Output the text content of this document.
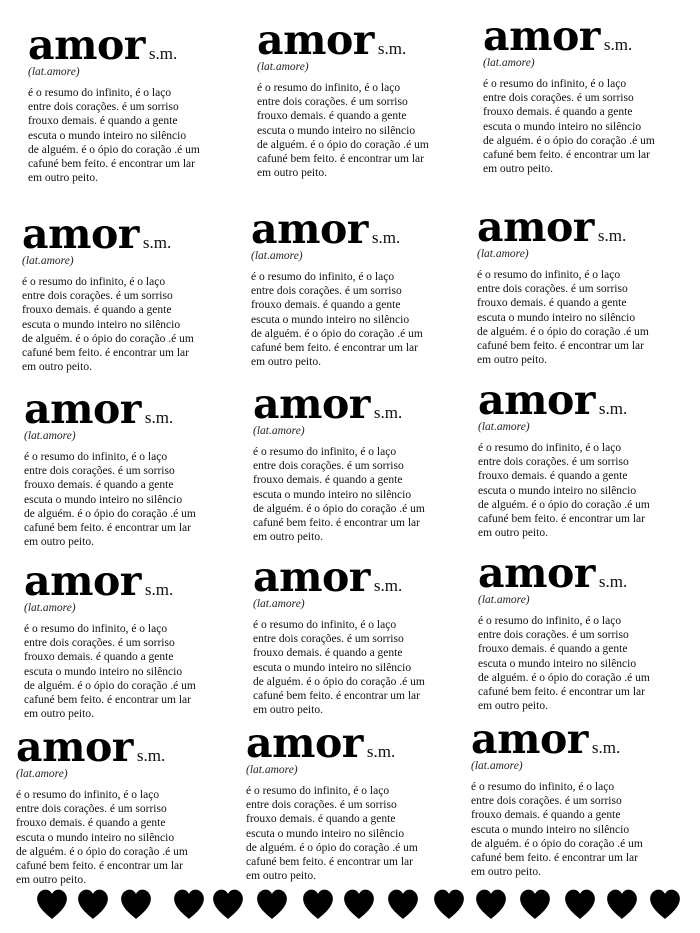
amor s.m.
(lat.amore)
é o resumo do infinito, é o laço
entre dois corações. é um sorriso
frouxo demais. é quando a gente
escuta o mundo inteiro no silêncio
de alguém. é o ópio do coração .é um
cafuné bem feito. é encontrar um lar
em outro peito.
amor s.m.
(lat.amore)
é o resumo do infinito, é o laço
entre dois corações. é um sorriso
frouxo demais. é quando a gente
escuta o mundo inteiro no silêncio
de alguém. é o ópio do coração .é um
cafuné bem feito. é encontrar um lar
em outro peito.
amor s.m.
(lat.amore)
é o resumo do infinito, é o laço
entre dois corações. é um sorriso
frouxo demais. é quando a gente
escuta o mundo inteiro no silêncio
de alguém. é o ópio do coração .é um
cafuné bem feito. é encontrar um lar
em outro peito.
amor s.m.
(lat.amore)
é o resumo do infinito, é o laço
entre dois corações. é um sorriso
frouxo demais. é quando a gente
escuta o mundo inteiro no silêncio
de alguém. é o ópio do coração .é um
cafuné bem feito. é encontrar um lar
em outro peito.
amor s.m.
(lat.amore)
é o resumo do infinito, é o laço
entre dois corações. é um sorriso
frouxo demais. é quando a gente
escuta o mundo inteiro no silêncio
de alguém. é o ópio do coração .é um
cafuné bem feito. é encontrar um lar
em outro peito.
amor s.m.
(lat.amore)
é o resumo do infinito, é o laço
entre dois corações. é um sorriso
frouxo demais. é quando a gente
escuta o mundo inteiro no silêncio
de alguém. é o ópio do coração .é um
cafuné bem feito. é encontrar um lar
em outro peito.
amor s.m.
(lat.amore)
é o resumo do infinito, é o laço
entre dois corações. é um sorriso
frouxo demais. é quando a gente
escuta o mundo inteiro no silêncio
de alguém. é o ópio do coração .é um
cafuné bem feito. é encontrar um lar
em outro peito.
amor s.m.
(lat.amore)
é o resumo do infinito, é o laço
entre dois corações. é um sorriso
frouxo demais. é quando a gente
escuta o mundo inteiro no silêncio
de alguém. é o ópio do coração .é um
cafuné bem feito. é encontrar um lar
em outro peito.
amor s.m.
(lat.amore)
é o resumo do infinito, é o laço
entre dois corações. é um sorriso
frouxo demais. é quando a gente
escuta o mundo inteiro no silêncio
de alguém. é o ópio do coração .é um
cafuné bem feito. é encontrar um lar
em outro peito.
amor s.m.
(lat.amore)
é o resumo do infinito, é o laço
entre dois corações. é um sorriso
frouxo demais. é quando a gente
escuta o mundo inteiro no silêncio
de alguém. é o ópio do coração .é um
cafuné bem feito. é encontrar um lar
em outro peito.
amor s.m.
(lat.amore)
é o resumo do infinito, é o laço
entre dois corações. é um sorriso
frouxo demais. é quando a gente
escuta o mundo inteiro no silêncio
de alguém. é o ópio do coração .é um
cafuné bem feito. é encontrar um lar
em outro peito.
amor s.m.
(lat.amore)
é o resumo do infinito, é o laço
entre dois corações. é um sorriso
frouxo demais. é quando a gente
escuta o mundo inteiro no silêncio
de alguém. é o ópio do coração .é um
cafuné bem feito. é encontrar um lar
em outro peito.
amor s.m.
(lat.amore)
é o resumo do infinito, é o laço
entre dois corações. é um sorriso
frouxo demais. é quando a gente
escuta o mundo inteiro no silêncio
de alguém. é o ópio do coração .é um
cafuné bem feito. é encontrar um lar
em outro peito.
amor s.m.
(lat.amore)
é o resumo do infinito, é o laço
entre dois corações. é um sorriso
frouxo demais. é quando a gente
escuta o mundo inteiro no silêncio
de alguém. é o ópio do coração .é um
cafuné bem feito. é encontrar um lar
em outro peito.
amor s.m.
(lat.amore)
é o resumo do infinito, é o laço
entre dois corações. é um sorriso
frouxo demais. é quando a gente
escuta o mundo inteiro no silêncio
de alguém. é o ópio do coração .é um
cafuné bem feito. é encontrar um lar
em outro peito.
